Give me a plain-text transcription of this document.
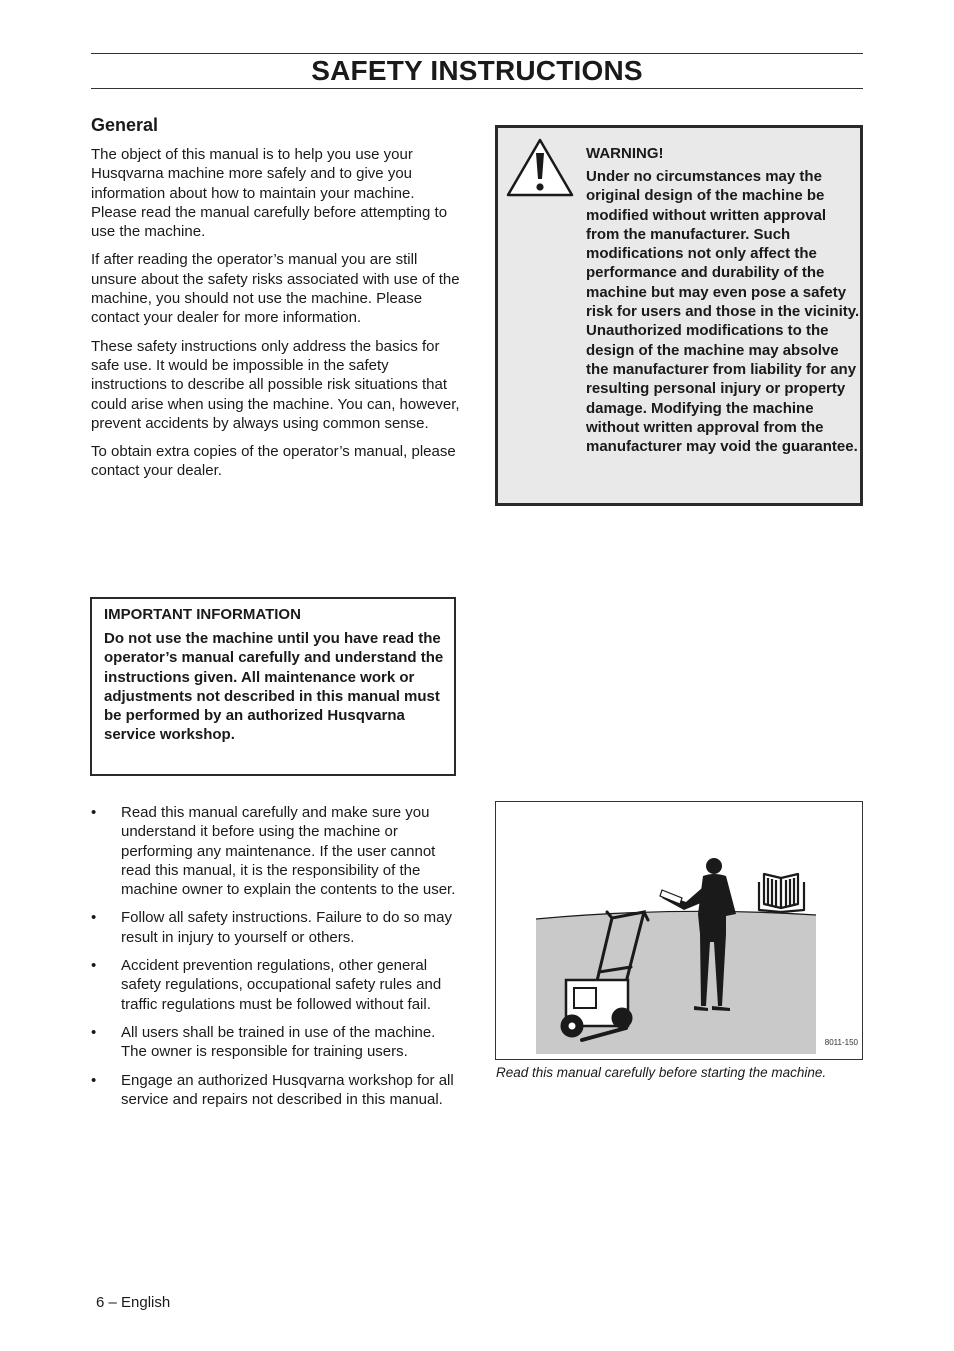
SAFETY INSTRUCTIONS
General

The object of this manual is to help you use your Husqvarna machine more safely and to give you information about how to maintain your machine. Please read the manual carefully before attempting to use the machine.

If after reading the operator’s manual you are still unsure about the safety risks associated with use of the machine, you should not use the machine. Please contact your dealer for more information.

These safety instructions only address the basics for safe use. It would be impossible in the safety instructions to describe all possible risk situations that could arise when using the machine. You can, however, prevent accidents by always using common sense.

To obtain extra copies of the operator’s manual, please contact your dealer.

WARNING!

Under no circumstances may the original design of the machine be modified without written approval from the manufacturer. Such modifications not only affect the performance and durability of the machine but may even pose a safety risk for users and those in the vicinity. Unauthorized modifications to the design of the machine may absolve the manufacturer from liability for any resulting personal injury or property damage. Modifying the machine without written approval from the manufacturer may void the guarantee.

IMPORTANT INFORMATION

Do not use the machine until you have read the operator’s manual carefully and understand the instructions given. All maintenance work or adjustments not described in this manual must be performed by an authorized Husqvarna service workshop.

• Read this manual carefully and make sure you understand it before using the machine or performing any maintenance. If the user cannot read this manual, it is the responsibility of the machine owner to explain the contents to the user.
• Follow all safety instructions. Failure to do so may result in injury to yourself or others.
• Accident prevention regulations, other general safety regulations, occupational safety rules and traffic regulations must be followed without fail.
• All users shall be trained in use of the machine. The owner is responsible for training users.
• Engage an authorized Husqvarna workshop for all service and repairs not described in this manual.
8011-150

Read this manual carefully before starting the machine.

6 – English
